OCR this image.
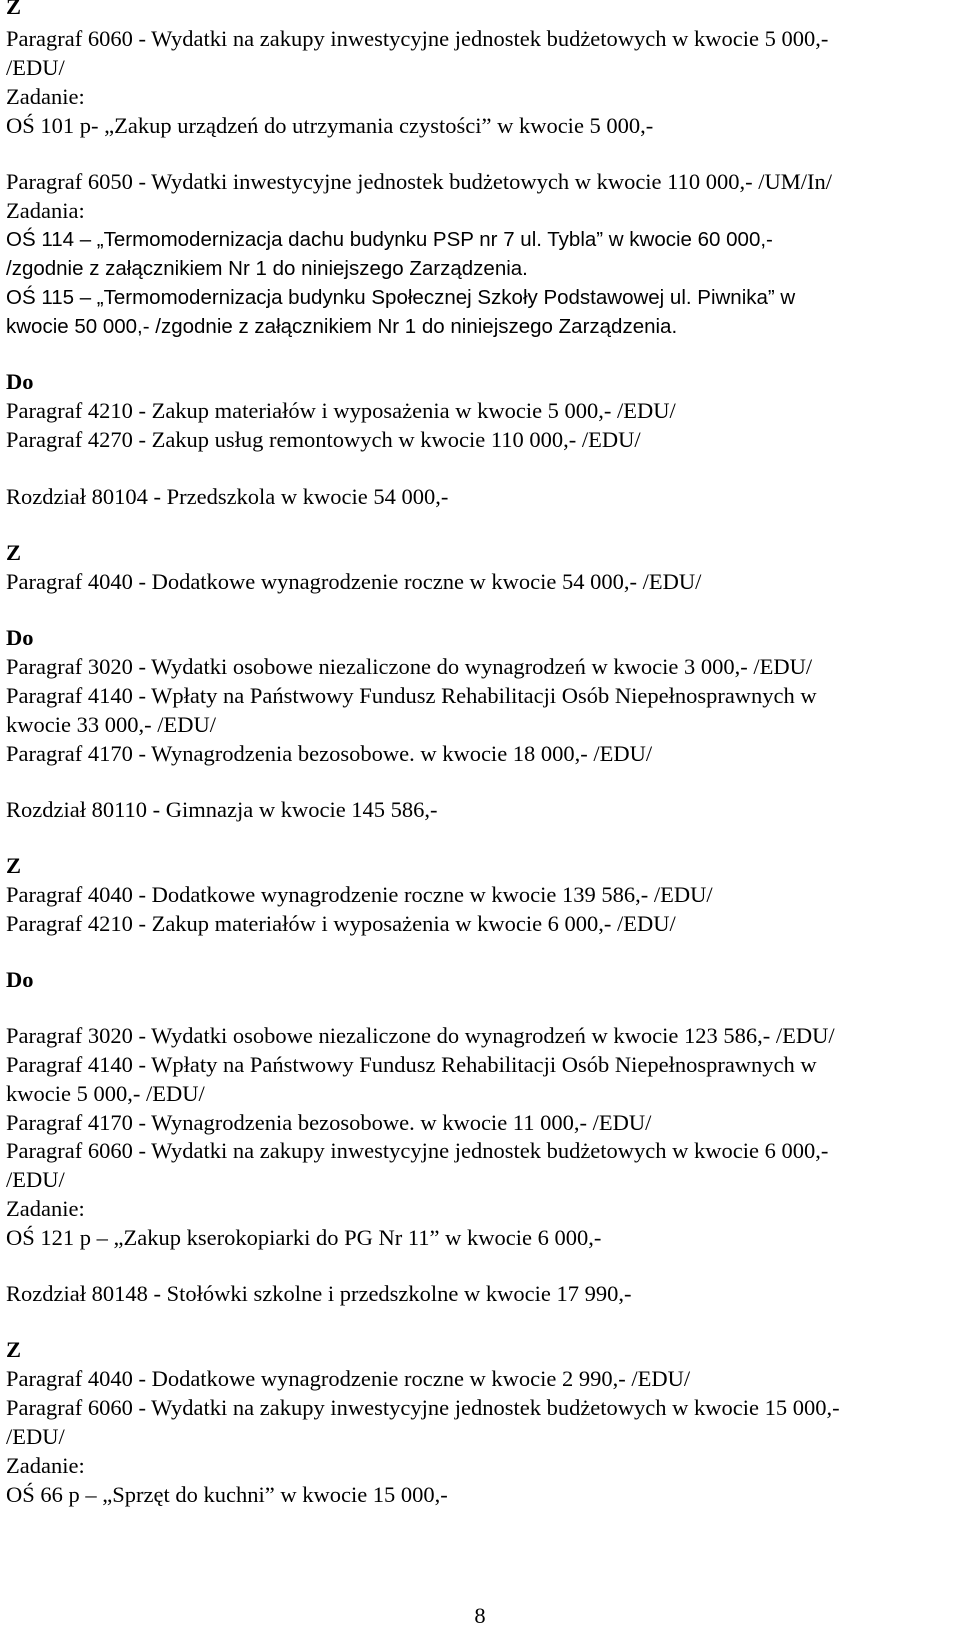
Z

Paragraf 6060 - Wydatki na zakupy inwestycyjne jednostek budżetowych w kwocie 5 000,-

/EDU/

Zadanie:

OŚ 101 p- „Zakup urządzeń do utrzymania czystości” w kwocie 5 000,-

Paragraf 6050 - Wydatki inwestycyjne jednostek budżetowych w kwocie 110 000,- /UM/In/

Zadania:

OŚ 114 – „Termomodernizacja dachu budynku PSP nr 7 ul. Tybla” w kwocie 60 000,-

/zgodnie z załącznikiem Nr 1 do niniejszego Zarządzenia.

OŚ 115 – „Termomodernizacja budynku Społecznej Szkoły Podstawowej ul. Piwnika” w

kwocie 50 000,- /zgodnie z załącznikiem Nr 1 do niniejszego Zarządzenia.

Do

Paragraf 4210 - Zakup materiałów i wyposażenia w kwocie 5 000,- /EDU/

Paragraf 4270 - Zakup usług remontowych w kwocie 110 000,- /EDU/

Rozdział 80104 - Przedszkola w kwocie 54 000,-

Z

Paragraf 4040 - Dodatkowe wynagrodzenie roczne w kwocie 54 000,- /EDU/

Do

Paragraf 3020 - Wydatki osobowe niezaliczone do wynagrodzeń w kwocie 3 000,- /EDU/

Paragraf 4140 - Wpłaty na Państwowy Fundusz Rehabilitacji Osób Niepełnosprawnych w

kwocie 33 000,- /EDU/

Paragraf 4170 - Wynagrodzenia bezosobowe. w kwocie 18 000,- /EDU/

Rozdział 80110 - Gimnazja w kwocie 145 586,-

Z

Paragraf 4040 - Dodatkowe wynagrodzenie roczne w kwocie 139 586,- /EDU/

Paragraf 4210 - Zakup materiałów i wyposażenia w kwocie 6 000,- /EDU/

Do

Paragraf 3020 - Wydatki osobowe niezaliczone do wynagrodzeń w kwocie 123 586,- /EDU/

Paragraf 4140 - Wpłaty na Państwowy Fundusz Rehabilitacji Osób Niepełnosprawnych w

kwocie 5 000,- /EDU/

Paragraf 4170 - Wynagrodzenia bezosobowe. w kwocie 11 000,- /EDU/

Paragraf 6060 - Wydatki na zakupy inwestycyjne jednostek budżetowych w kwocie 6 000,-

/EDU/

Zadanie:

OŚ 121 p – „Zakup kserokopiarki do PG Nr 11” w kwocie 6 000,-

Rozdział 80148 - Stołówki szkolne i przedszkolne w kwocie 17 990,-

Z

Paragraf 4040 - Dodatkowe wynagrodzenie roczne w kwocie 2 990,- /EDU/

Paragraf 6060 - Wydatki na zakupy inwestycyjne jednostek budżetowych w kwocie 15 000,-

/EDU/

Zadanie:

OŚ 66 p – „Sprzęt do kuchni” w kwocie 15 000,-

8
